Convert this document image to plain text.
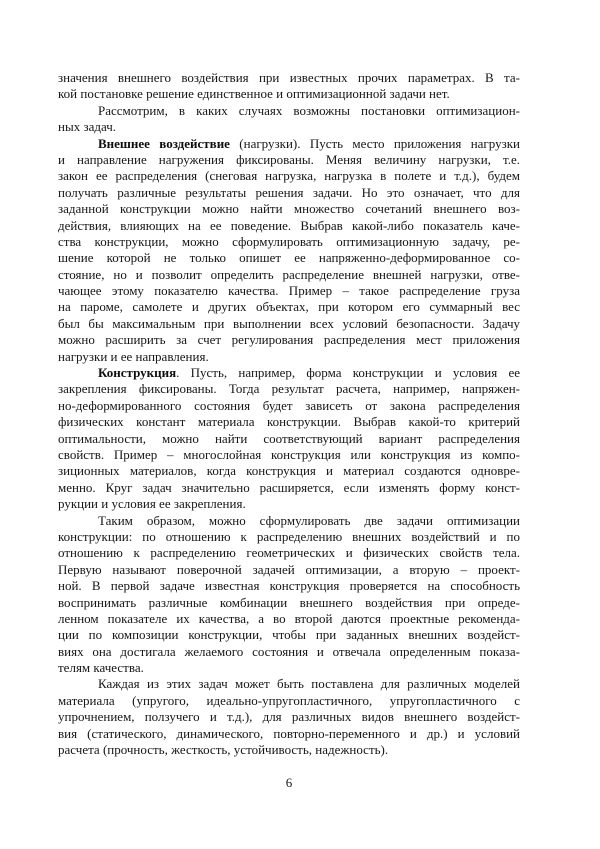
значения внешнего воздействия при известных прочих параметрах. В та-
кой постановке решение единственное и оптимизационной задачи нет.
Рассмотрим, в каких случаях возможны постановки оптимизацион-
ных задач.
Внешнее воздействие (нагрузки). Пусть место приложения нагрузки
и направление нагружения фиксированы. Меняя величину нагрузки, т.е.
закон ее распределения (снеговая нагрузка, нагрузка в полете и т.д.), будем
получать различные результаты решения задачи. Но это означает, что для
заданной конструкции можно найти множество сочетаний внешнего воз-
действия, влияющих на ее поведение. Выбрав какой-либо показатель каче-
ства конструкции, можно сформулировать оптимизационную задачу, ре-
шение которой не только опишет ее напряженно-деформированное со-
стояние, но и позволит определить распределение внешней нагрузки, отве-
чающее этому показателю качества. Пример – такое распределение груза
на пароме, самолете и других объектах, при котором его суммарный вес
был бы максимальным при выполнении всех условий безопасности. Задачу
можно расширить за счет регулирования распределения мест приложения
нагрузки и ее направления.
Конструкция. Пусть, например, форма конструкции и условия ее
закрепления фиксированы. Тогда результат расчета, например, напряжен-
но-деформированного состояния будет зависеть от закона распределения
физических констант материала конструкции. Выбрав какой-то критерий
оптимальности, можно найти соответствующий вариант распределения
свойств. Пример – многослойная конструкция или конструкция из компо-
зиционных материалов, когда конструкция и материал создаются одновре-
менно. Круг задач значительно расширяется, если изменять форму конст-
рукции и условия ее закрепления.
Таким образом, можно сформулировать две задачи оптимизации
конструкции: по отношению к распределению внешних воздействий и по
отношению к распределению геометрических и физических свойств тела.
Первую называют поверочной задачей оптимизации, а вторую – проект-
ной. В первой задаче известная конструкция проверяется на способность
воспринимать различные комбинации внешнего воздействия при опреде-
ленном показателе их качества, а во второй даются проектные рекоменда-
ции по композиции конструкции, чтобы при заданных внешних воздейст-
виях она достигала желаемого состояния и отвечала определенным показа-
телям качества.
Каждая из этих задач может быть поставлена для различных моделей
материала (упругого, идеально-упругопластичного, упругопластичного с
упрочнением, ползучего и т.д.), для различных видов внешнего воздейст-
вия (статического, динамического, повторно-переменного и др.) и условий
расчета (прочность, жесткость, устойчивость, надежность).
6
